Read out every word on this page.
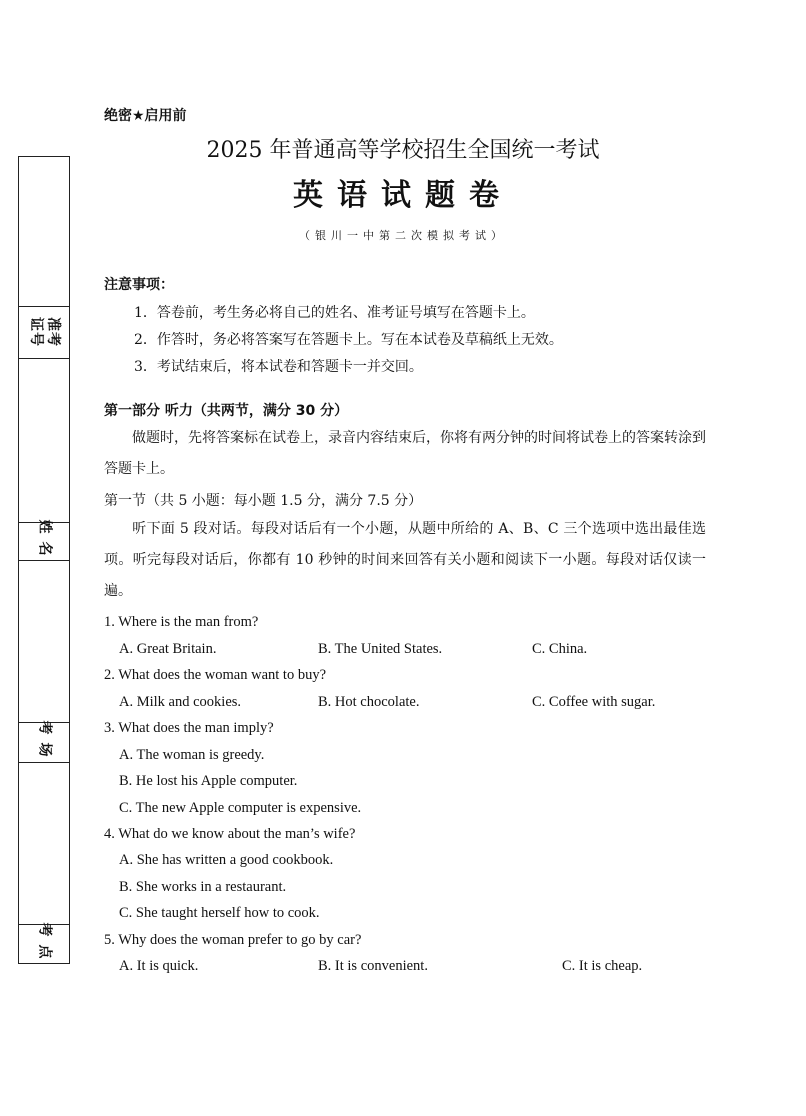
准考证号
姓名
考场
考点
绝密★启用前
2025 年普通高等学校招生全国统一考试
英语试题卷
（银川一中第二次模拟考试）
注意事项：
1．答卷前，考生务必将自己的姓名、准考证号填写在答题卡上。
2．作答时，务必将答案写在答题卡上。写在本试卷及草稿纸上无效。
3．考试结束后，将本试卷和答题卡一并交回。
第一部分 听力（共两节，满分 30 分）
做题时，先将答案标在试卷上，录音内容结束后，你将有两分钟的时间将试卷上的答案转涂到答题卡上。
第一节（共 5 小题：每小题 1.5 分，满分 7.5 分）
听下面 5 段对话。每段对话后有一个小题，从题中所给的 A、B、C 三个选项中选出最佳选项。听完每段对话后，你都有 10 秒钟的时间来回答有关小题和阅读下一小题。每段对话仅读一遍。
1. Where is the man from?
A. Great Britain.	B. The United States.	C. China.
2. What does the woman want to buy?
A. Milk and cookies.	B. Hot chocolate.	C. Coffee with sugar.
3. What does the man imply?
A. The woman is greedy.
B. He lost his Apple computer.
C. The new Apple computer is expensive.
4. What do we know about the man’s wife?
A. She has written a good cookbook.
B. She works in a restaurant.
C. She taught herself how to cook.
5. Why does the woman prefer to go by car?
A. It is quick.	B. It is convenient.	C. It is cheap.
